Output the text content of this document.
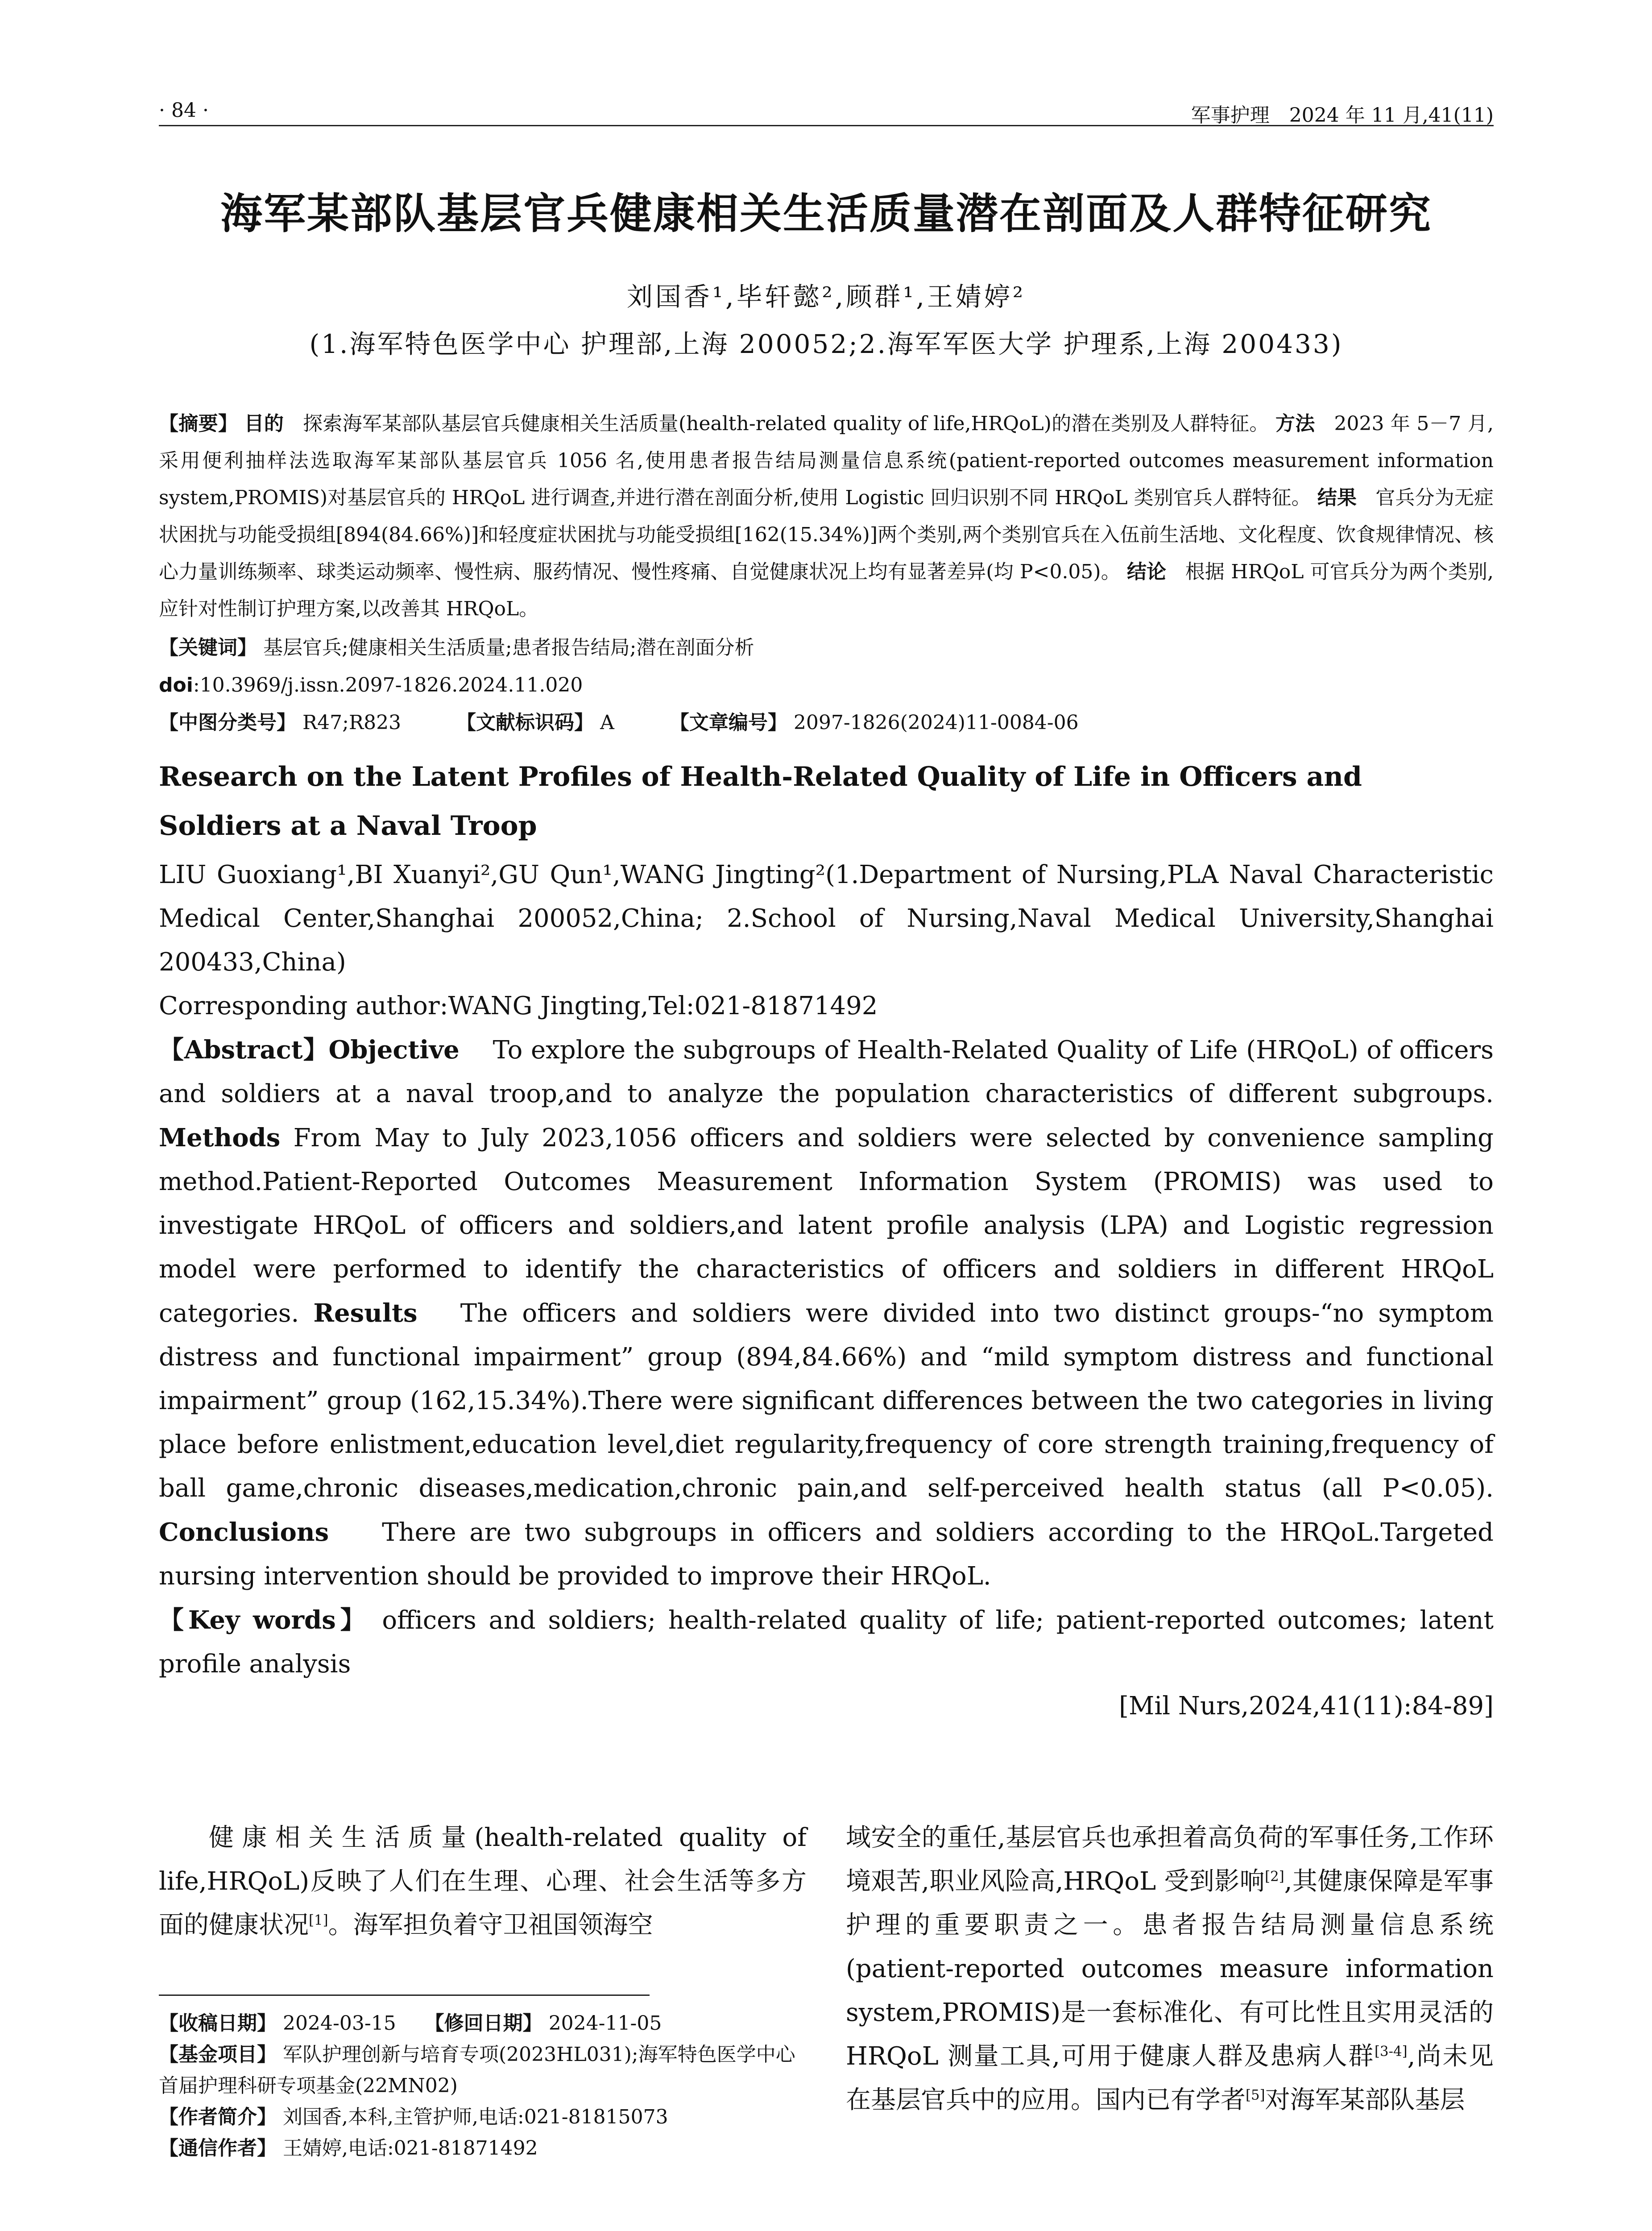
· 84 ·	军事护理　2024 年 11 月,41(11)
海军某部队基层官兵健康相关生活质量潜在剖面及人群特征研究
刘国香¹,毕轩懿²,顾群¹,王婧婷²
(1.海军特色医学中心 护理部,上海 200052;2.海军军医大学 护理系,上海 200433)
【摘要】 目的 探索海军某部队基层官兵健康相关生活质量(health-related quality of life,HRQoL)的潜在类别及人群特征。 方法 2023 年 5－7 月,采用便利抽样法选取海军某部队基层官兵 1056 名,使用患者报告结局测量信息系统(patient-reported outcomes measurement information system,PROMIS)对基层官兵的 HRQoL 进行调查,并进行潜在剖面分析,使用 Logistic 回归识别不同 HRQoL 类别官兵人群特征。 结果 官兵分为无症状困扰与功能受损组[894(84.66%)]和轻度症状困扰与功能受损组[162(15.34%)]两个类别,两个类别官兵在入伍前生活地、文化程度、饮食规律情况、核心力量训练频率、球类运动频率、慢性病、服药情况、慢性疼痛、自觉健康状况上均有显著差异(均 P<0.05)。 结论 根据 HRQoL 可官兵分为两个类别,应针对性制订护理方案,以改善其 HRQoL。
【关键词】 基层官兵;健康相关生活质量;患者报告结局;潜在剖面分析
doi:10.3969/j.issn.2097-1826.2024.11.020
【中图分类号】 R47;R823	【文献标识码】 A	【文章编号】 2097-1826(2024)11-0084-06
Research on the Latent Profiles of Health-Related Quality of Life in Officers and Soldiers at a Naval Troop
LIU Guoxiang¹,BI Xuanyi²,GU Qun¹,WANG Jingting²(1.Department of Nursing,PLA Naval Characteristic Medical Center,Shanghai 200052,China; 2.School of Nursing,Naval Medical University,Shanghai 200433,China)
Corresponding author:WANG Jingting,Tel:021-81871492
【Abstract】Objective To explore the subgroups of Health-Related Quality of Life (HRQoL) of officers and soldiers at a naval troop,and to analyze the population characteristics of different subgroups. Methods From May to July 2023,1056 officers and soldiers were selected by convenience sampling method.Patient-Reported Outcomes Measurement Information System (PROMIS) was used to investigate HRQoL of officers and soldiers,and latent profile analysis (LPA) and Logistic regression model were performed to identify the characteristics of officers and soldiers in different HRQoL categories. Results The officers and soldiers were divided into two distinct groups-“no symptom distress and functional impairment” group (894,84.66%) and “mild symptom distress and functional impairment” group (162,15.34%).There were significant differences between the two categories in living place before enlistment,education level,diet regularity,frequency of core strength training,frequency of ball game,chronic diseases,medication,chronic pain,and self-perceived health status (all P<0.05). Conclusions There are two subgroups in officers and soldiers according to the HRQoL.Targeted nursing intervention should be provided to improve their HRQoL.
【Key words】 officers and soldiers; health-related quality of life; patient-reported outcomes; latent profile analysis
[Mil Nurs,2024,41(11):84-89]
健康相关生活质量(health-related quality of life,HRQoL)反映了人们在生理、心理、社会生活等多方面的健康状况[1]。海军担负着守卫祖国领海空
域安全的重任,基层官兵也承担着高负荷的军事任务,工作环境艰苦,职业风险高,HRQoL 受到影响[2],其健康保障是军事护理的重要职责之一。患者报告结局测量信息系统(patient-reported outcomes measure information system,PROMIS)是一套标准化、有可比性且实用灵活的 HRQoL 测量工具,可用于健康人群及患病人群[3-4],尚未见在基层官兵中的应用。国内已有学者[5]对海军某部队基层
【收稿日期】 2024-03-15 【修回日期】 2024-11-05
【基金项目】 军队护理创新与培育专项(2023HL031);海军特色医学中心首届护理科研专项基金(22MN02)
【作者简介】 刘国香,本科,主管护师,电话:021-81815073
【通信作者】 王婧婷,电话:021-81871492
